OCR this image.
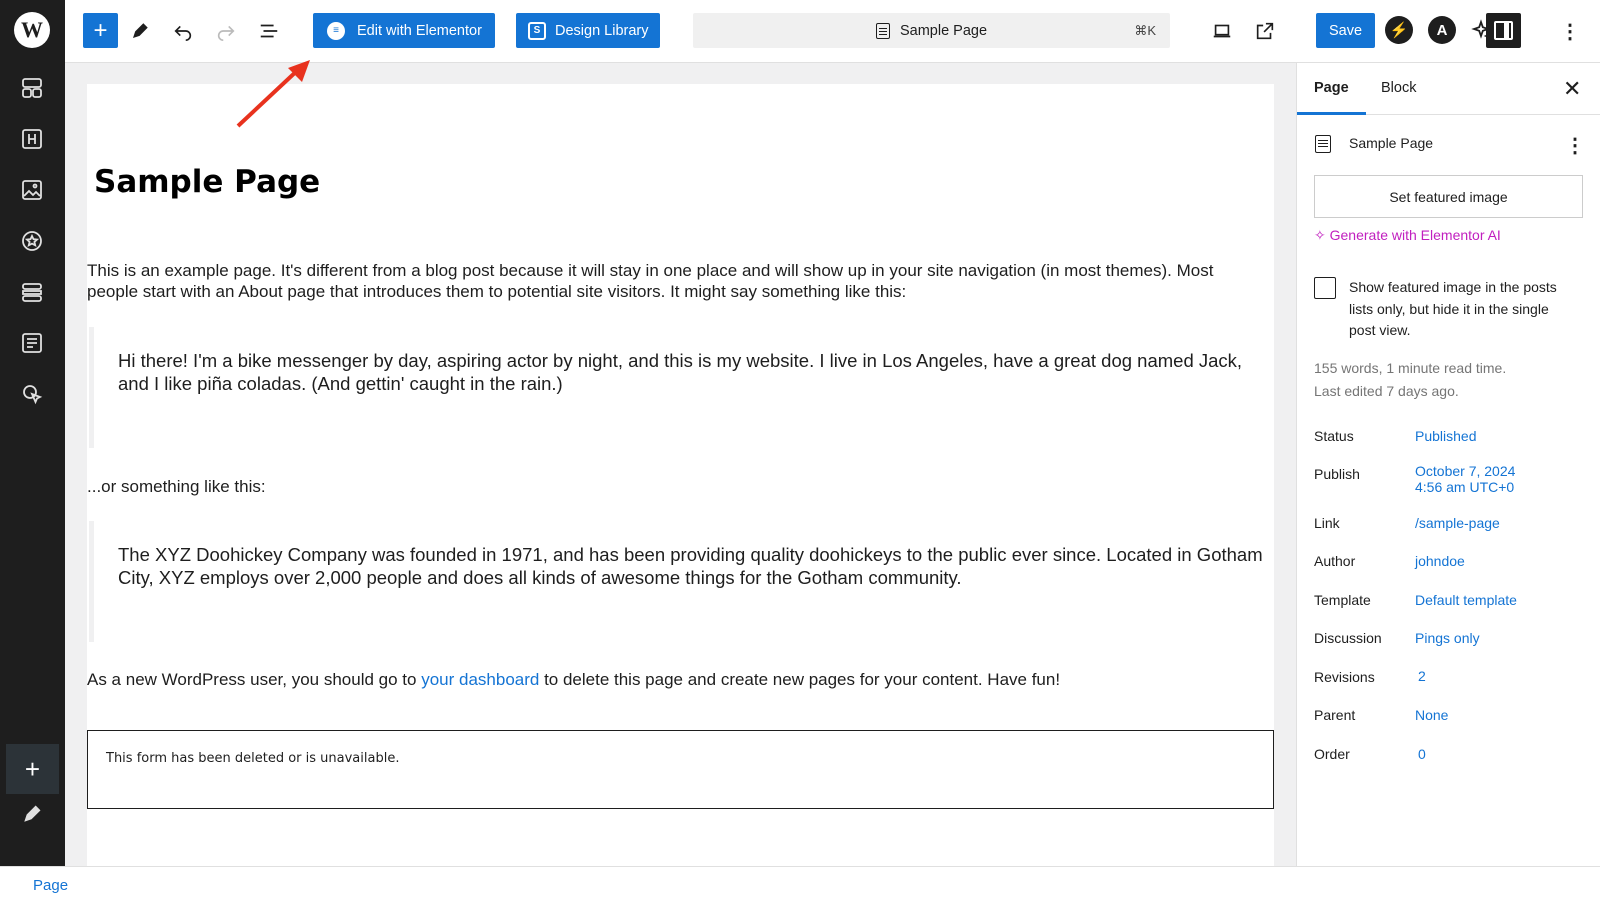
W
+
+	≡	Edit with Elementor	S	Design Library	Sample Page	⌘K	Save	⚡	A	⋮
Sample Page

This is an example page. It's different from a blog post because it will stay in one place and will show up in your site navigation (in most themes). Most people start with an About page that introduces them to potential site visitors. It might say something like this:

Hi there! I'm a bike messenger by day, aspiring actor by night, and this is my website. I live in Los Angeles, have a great dog named Jack, and I like piña coladas. (And gettin' caught in the rain.)

...or something like this:

The XYZ Doohickey Company was founded in 1971, and has been providing quality doohickeys to the public ever since. Located in Gotham City, XYZ employs over 2,000 people and does all kinds of awesome things for the Gotham community.

As a new WordPress user, you should go to your dashboard to delete this page and create new pages for your content. Have fun!

This form has been deleted or is unavailable.
Page Block	✕
Sample Page	⋮
Set featured image
✧ Generate with Elementor AI
Show featured image in the posts lists only, but hide it in the single post view.
155 words, 1 minute read time.
Last edited 7 days ago.
Status	Published
Publish	October 7, 2024
4:56 am UTC+0
Link	/sample-page
Author	johndoe
Template	Default template
Discussion Pings only
Revisions	2
Parent	None
Order	0
Page
